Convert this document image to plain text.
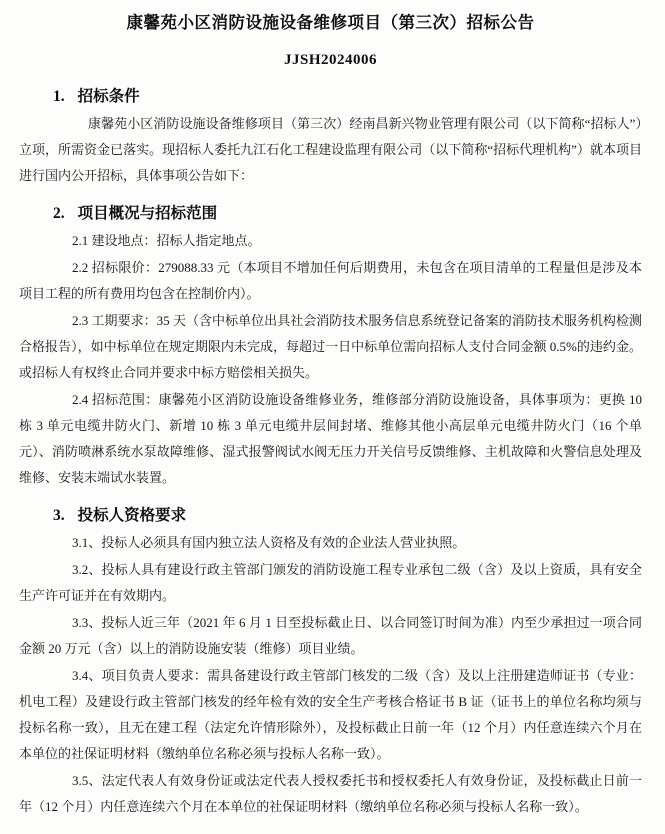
康馨苑小区消防设施设备维修项目（第三次）招标公告
JJSH2024006
1. 招标条件

康馨苑小区消防设施设备维修项目（第三次）经南昌新兴物业管理有限公司（以下简称“招标人”）立项，所需资金已落实。现招标人委托九江石化工程建设监理有限公司（以下简称“招标代理机构”）就本项目进行国内公开招标，具体事项公告如下：

2. 项目概况与招标范围

2.1 建设地点：招标人指定地点。

2.2 招标限价：279088.33 元（本项目不增加任何后期费用，未包含在项目清单的工程量但是涉及本项目工程的所有费用均包含在控制价内）。

2.3 工期要求：35 天（含中标单位出具社会消防技术服务信息系统登记备案的消防技术服务机构检测合格报告），如中标单位在规定期限内未完成，每超过一日中标单位需向招标人支付合同金额 0.5%的违约金。或招标人有权终止合同并要求中标方赔偿相关损失。

2.4 招标范围：康馨苑小区消防设施设备维修业务，维修部分消防设施设备，具体事项为：更换 10 栋 3 单元电缆井防火门、新增 10 栋 3 单元电缆井层间封堵、维修其他小高层单元电缆井防火门（16 个单元）、消防喷淋系统水泵故障维修、湿式报警阀试水阀无压力开关信号反馈维修、主机故障和火警信息处理及维修、安装末端试水装置。

3. 投标人资格要求

3.1、投标人必须具有国内独立法人资格及有效的企业法人营业执照。

3.2、投标人具有建设行政主管部门颁发的消防设施工程专业承包二级（含）及以上资质，具有安全生产许可证并在有效期内。

3.3、投标人近三年（2021 年 6 月 1 日至投标截止日、以合同签订时间为准）内至少承担过一项合同金额 20 万元（含）以上的消防设施安装（维修）项目业绩。

3.4、项目负责人要求：需具备建设行政主管部门核发的二级（含）及以上注册建造师证书（专业：机电工程）及建设行政主管部门核发的经年检有效的安全生产考核合格证书 B 证（证书上的单位名称均须与投标名称一致），且无在建工程（法定允许情形除外），及投标截止日前一年（12 个月）内任意连续六个月在本单位的社保证明材料（缴纳单位名称必须与投标人名称一致）。

3.5、法定代表人有效身份证或法定代表人授权委托书和授权委托人有效身份证，及投标截止日前一年（12 个月）内任意连续六个月在本单位的社保证明材料（缴纳单位名称必须与投标人名称一致）。
